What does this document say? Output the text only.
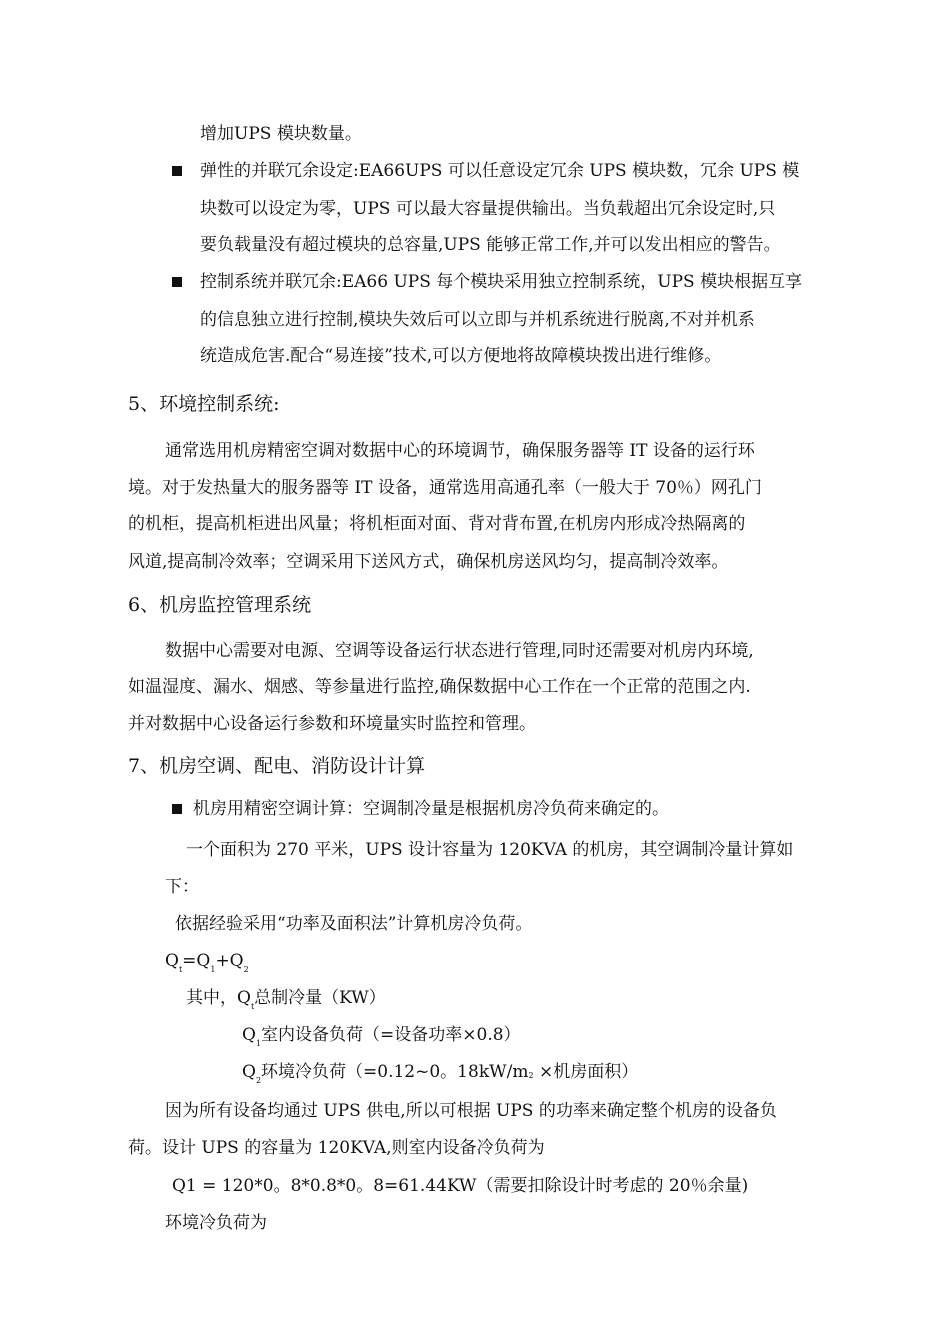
增加UPS 模块数量。
弹性的并联冗余设定:EA66UPS 可以任意设定冗余 UPS 模块数，冗余 UPS 模
块数可以设定为零，UPS 可以最大容量提供输出。当负载超出冗余设定时,只
要负载量没有超过模块的总容量,UPS 能够正常工作,并可以发出相应的警告。
控制系统并联冗余:EA66 UPS 每个模块采用独立控制系统，UPS 模块根据互享
的信息独立进行控制,模块失效后可以立即与并机系统进行脱离,不对并机系
统造成危害.配合“易连接”技术,可以方便地将故障模块拨出进行维修。
5、环境控制系统:
通常选用机房精密空调对数据中心的环境调节，确保服务器等 IT 设备的运行环
境。对于发热量大的服务器等 IT 设备，通常选用高通孔率（一般大于 70％）网孔门
的机柜，提高机柜进出风量；将机柜面对面、背对背布置,在机房内形成冷热隔离的
风道,提高制冷效率；空调采用下送风方式，确保机房送风均匀，提高制冷效率。
6、机房监控管理系统
数据中心需要对电源、空调等设备运行状态进行管理,同时还需要对机房内环境,
如温湿度、漏水、烟感、等参量进行监控,确保数据中心工作在一个正常的范围之内.
并对数据中心设备运行参数和环境量实时监控和管理。
7、机房空调、配电、消防设计计算
机房用精密空调计算：空调制冷量是根据机房冷负荷来确定的。
一个面积为 270 平米，UPS 设计容量为 120KVA 的机房，其空调制冷量计算如
下：
依据经验采用“功率及面积法”计算机房冷负荷。
$Q_t=Q_1+Q_2$
其中，$Q_t$总制冷量（KW）
$Q_1$室内设备负荷（=设备功率×0.8）
$Q_2$环境冷负荷（=0.12~0。18kW/m2 ×机房面积）
因为所有设备均通过 UPS 供电,所以可根据 UPS 的功率来确定整个机房的设备负
荷。设计 UPS 的容量为 120KVA,则室内设备冷负荷为
Q1 = 120*0。8*0.8*0。8=61.44KW（需要扣除设计时考虑的 20％余量)
环境冷负荷为
